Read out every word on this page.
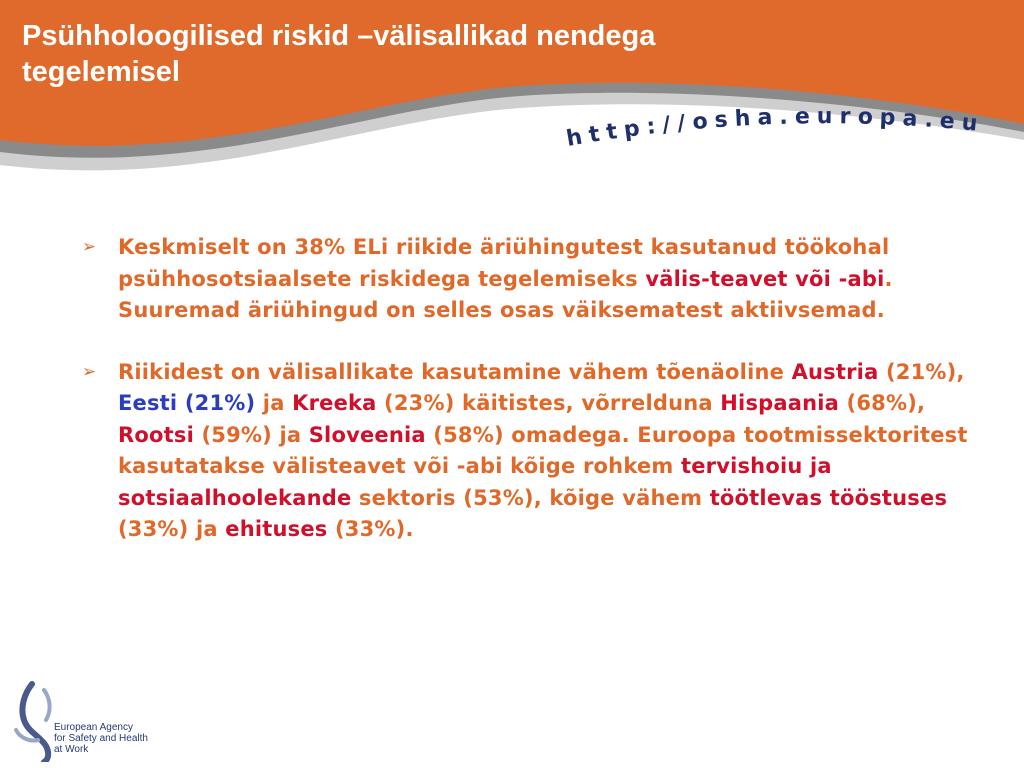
Psühholoogilised riskid –välisallikad nendega
tegelemisel
http://osha.europa.eu

➢ Keskmiselt on 38% ELi riikide äriühingutest kasutanud töökohal psühhosotsiaalsete riskidega tegelemiseks välis-teavet või -abi. Suuremad äriühingud on selles osas väiksematest aktiivsemad.

➢ Riikidest on välisallikate kasutamine vähem tõenäoline Austria (21%), Eesti (21%) ja Kreeka (23%) käitistes, võrrelduna Hispaania (68%), Rootsi (59%) ja Sloveenia (58%) omadega. Euroopa tootmissektoritest kasutatakse välisteavet või -abi kõige rohkem tervishoiu ja sotsiaalhoolekande sektoris (53%), kõige vähem töötlevas tööstuses (33%) ja ehituses (33%).

European Agency
for Safety and Health
at Work
